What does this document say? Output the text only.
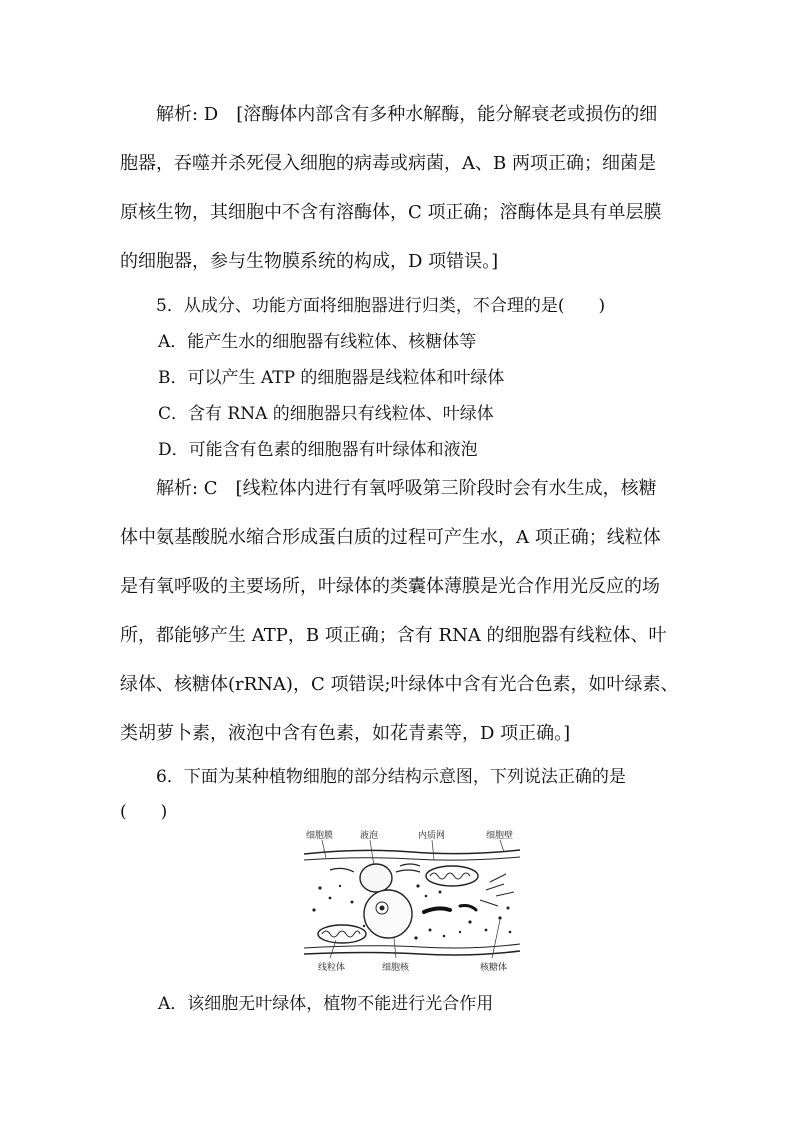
解析: D　[溶酶体内部含有多种水解酶，能分解衰老或损伤的细
胞器，吞噬并杀死侵入细胞的病毒或病菌，A、B 两项正确；细菌是
原核生物，其细胞中不含有溶酶体，C 项正确；溶酶体是具有单层膜
的细胞器，参与生物膜系统的构成，D 项错误。]
5．从成分、功能方面将细胞器进行归类，不合理的是(　　)
A．能产生水的细胞器有线粒体、核糖体等
B．可以产生 ATP 的细胞器是线粒体和叶绿体
C．含有 RNA 的细胞器只有线粒体、叶绿体
D．可能含有色素的细胞器有叶绿体和液泡
解析: C　[线粒体内进行有氧呼吸第三阶段时会有水生成，核糖
体中氨基酸脱水缩合形成蛋白质的过程可产生水，A 项正确；线粒体
是有氧呼吸的主要场所，叶绿体的类囊体薄膜是光合作用光反应的场
所，都能够产生 ATP，B 项正确；含有 RNA 的细胞器有线粒体、叶
绿体、核糖体(rRNA)，C 项错误;叶绿体中含有光合色素，如叶绿素、
类胡萝卜素，液泡中含有色素，如花青素等，D 项正确。]
6．下面为某种植物细胞的部分结构示意图，下列说法正确的是
(　　)
细胞膜	液泡	内质网	细胞壁
线粒体	细胞核	核糖体
A．该细胞无叶绿体，植物不能进行光合作用
